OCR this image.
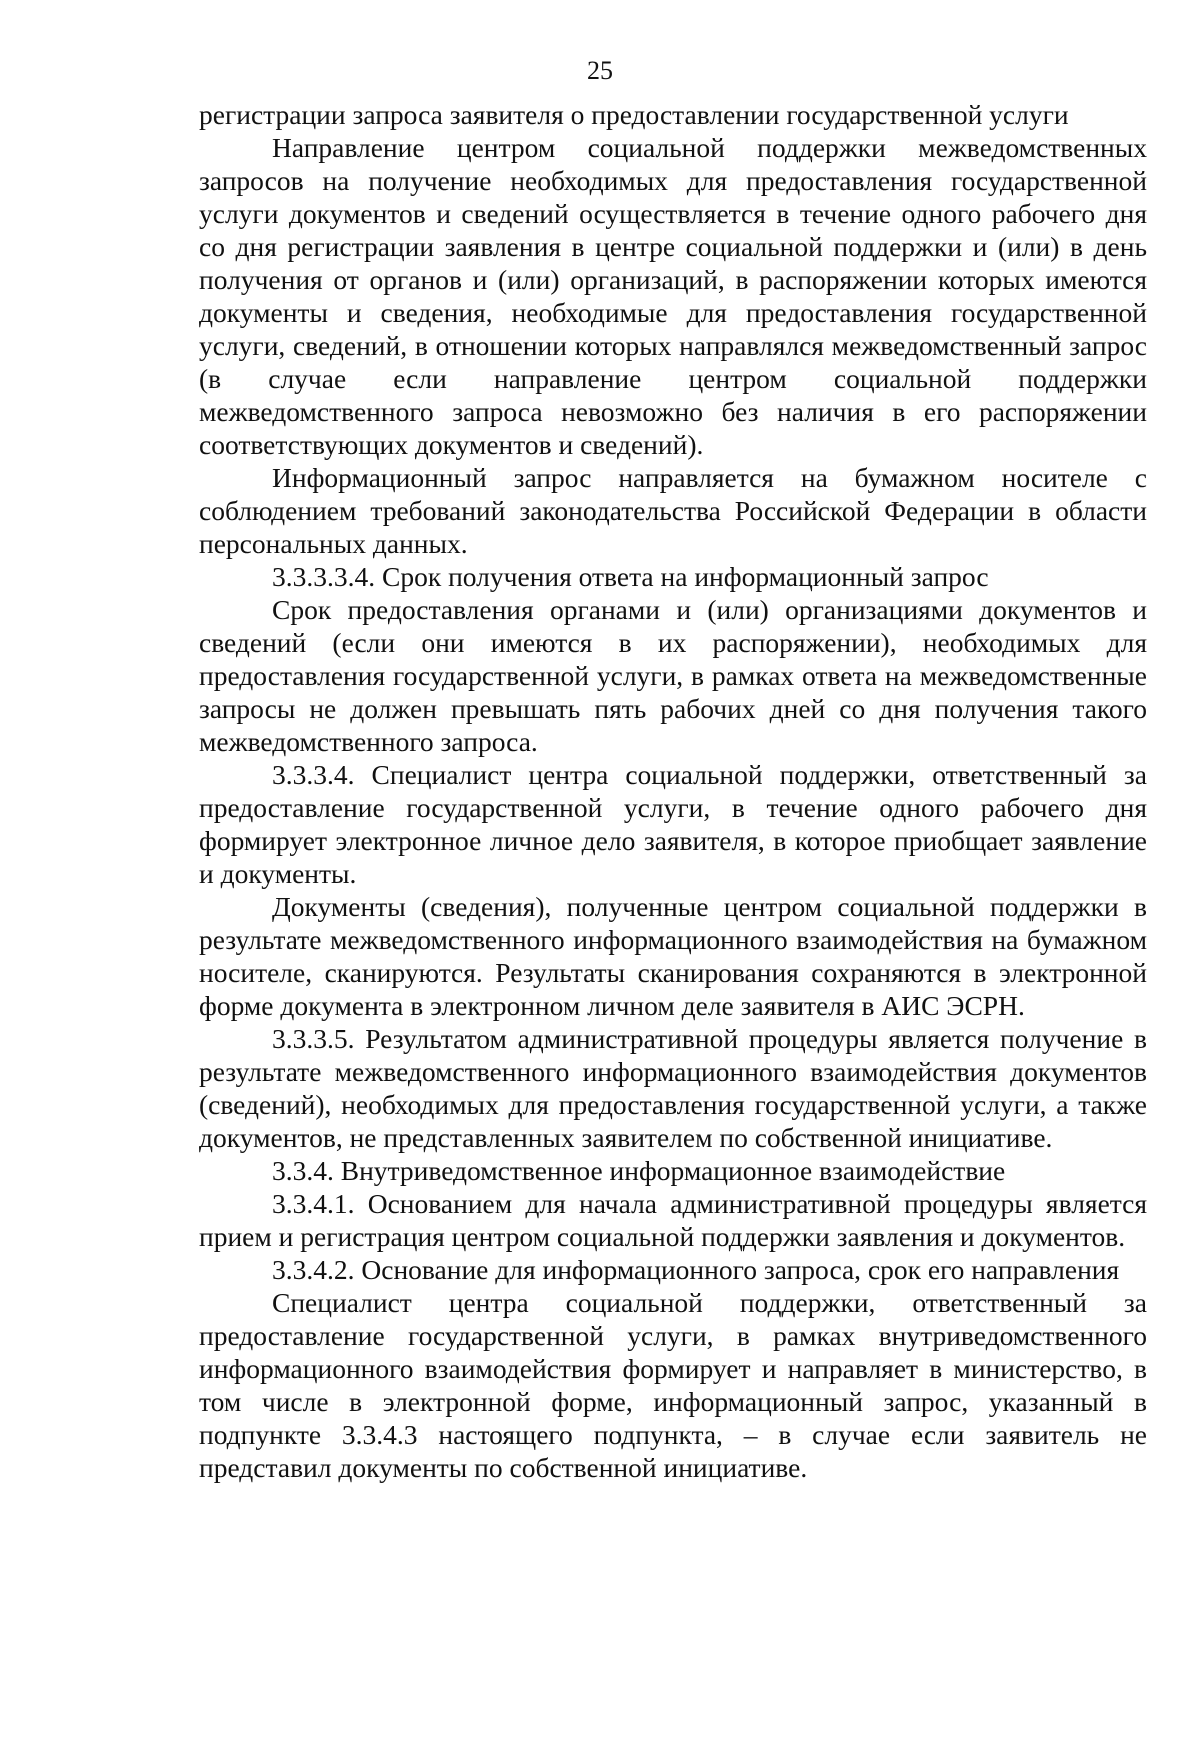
25

регистрации запроса заявителя о предоставлении государственной услуги

Направление центром социальной поддержки межведомственных запросов на получение необходимых для предоставления государственной услуги документов и сведений осуществляется в течение одного рабочего дня со дня регистрации заявления в центре социальной поддержки и (или) в день получения от органов и (или) организаций, в распоряжении которых имеются документы и сведения, необходимые для предоставления государственной услуги, сведений, в отношении которых направлялся межведомственный запрос (в случае если направление центром социальной поддержки межведомственного запроса невозможно без наличия в его распоряжении соответствующих документов и сведений).

Информационный запрос направляется на бумажном носителе с соблюдением требований законодательства Российской Федерации в области персональных данных.

3.3.3.3.4. Срок получения ответа на информационный запрос

Срок предоставления органами и (или) организациями документов и сведений (если они имеются в их распоряжении), необходимых для предоставления государственной услуги, в рамках ответа на межведомственные запросы не должен превышать пять рабочих дней со дня получения такого межведомственного запроса.

3.3.3.4. Специалист центра социальной поддержки, ответственный за предоставление государственной услуги, в течение одного рабочего дня формирует электронное личное дело заявителя, в которое приобщает заявление и документы.

Документы (сведения), полученные центром социальной поддержки в результате межведомственного информационного взаимодействия на бумажном носителе, сканируются. Результаты сканирования сохраняются в электронной форме документа в электронном личном деле заявителя в АИС ЭСРН.

3.3.3.5. Результатом административной процедуры является получение в результате межведомственного информационного взаимодействия документов (сведений), необходимых для предоставления государственной услуги, а также документов, не представленных заявителем по собственной инициативе.

3.3.4. Внутриведомственное информационное взаимодействие

3.3.4.1. Основанием для начала административной процедуры является прием и регистрация центром социальной поддержки заявления и документов.

3.3.4.2. Основание для информационного запроса, срок его направления

Специалист центра социальной поддержки, ответственный за предоставление государственной услуги, в рамках внутриведомственного информационного взаимодействия формирует и направляет в министерство, в том числе в электронной форме, информационный запрос, указанный в подпункте 3.3.4.3 настоящего подпункта, – в случае если заявитель не представил документы по собственной инициативе.
